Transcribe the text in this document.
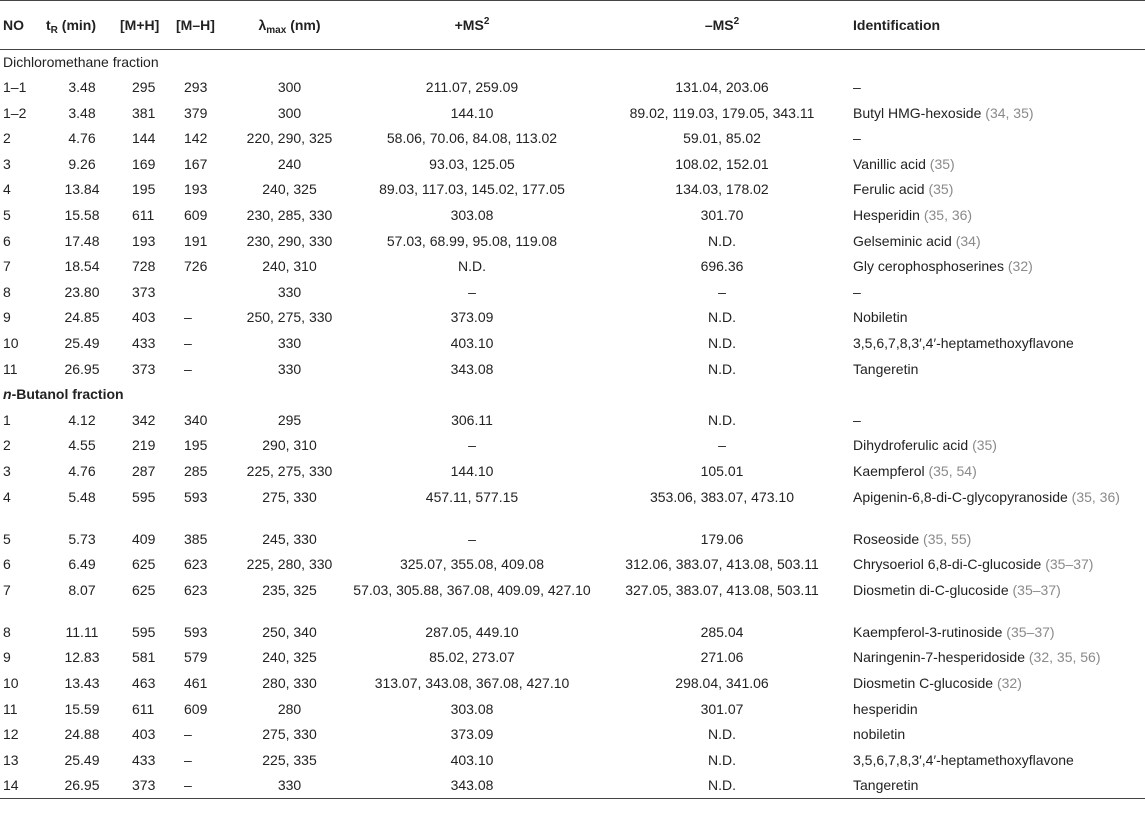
NO	$t_R$ (min)	[M+H]	[M–H]	$\lambda_{max}$ (nm)	$+MS^2$	$-MS^2$	Identification
Dichloromethane fraction							
1–1	3.48	295	293	300	211.07, 259.09	131.04, 203.06	–
1–2	3.48	381	379	300	144.10	89.02, 119.03, 179.05, 343.11	Butyl HMG-hexoside (34, 35)
2	4.76	144	142	220, 290, 325	58.06, 70.06, 84.08, 113.02	59.01, 85.02	–
3	9.26	169	167	240	93.03, 125.05	108.02, 152.01	Vanillic acid (35)
4	13.84	195	193	240, 325	89.03, 117.03, 145.02, 177.05	134.03, 178.02	Ferulic acid (35)
5	15.58	611	609	230, 285, 330	303.08	301.70	Hesperidin (35, 36)
6	17.48	193	191	230, 290, 330	57.03, 68.99, 95.08, 119.08	N.D.	Gelseminic acid (34)
7	18.54	728	726	240, 310	N.D.	696.36	Gly cerophosphoserines (32)
8	23.80	373		330	–	–	–
9	24.85	403	–	250, 275, 330	373.09	N.D.	Nobiletin
10	25.49	433	–	330	403.10	N.D.	3,5,6,7,8,3′,4′-heptamethoxyflavone
11	26.95	373	–	330	343.08	N.D.	Tangeretin
n-Butanol fraction							
1	4.12	342	340	295	306.11	N.D.	–
2	4.55	219	195	290, 310	–	–	Dihydroferulic acid (35)
3	4.76	287	285	225, 275, 330	144.10	105.01	Kaempferol (35, 54)
4	5.48	595	593	275, 330	457.11, 577.15	353.06, 383.07, 473.10	Apigenin-6,8-di-C-glycopyranoside (35, 36)
5	5.73	409	385	245, 330	–	179.06	Roseoside (35, 55)
6	6.49	625	623	225, 280, 330	325.07, 355.08, 409.08	312.06, 383.07, 413.08, 503.11	Chrysoeriol 6,8-di-C-glucoside (35–37)
7	8.07	625	623	235, 325	57.03, 305.88, 367.08, 409.09, 427.10	327.05, 383.07, 413.08, 503.11	Diosmetin di-C-glucoside (35–37)
8	11.11	595	593	250, 340	287.05, 449.10	285.04	Kaempferol-3-rutinoside (35–37)
9	12.83	581	579	240, 325	85.02, 273.07	271.06	Naringenin-7-hesperidoside (32, 35, 56)
10	13.43	463	461	280, 330	313.07, 343.08, 367.08, 427.10	298.04, 341.06	Diosmetin C-glucoside (32)
11	15.59	611	609	280	303.08	301.07	hesperidin
12	24.88	403	–	275, 330	373.09	N.D.	nobiletin
13	25.49	433	–	225, 335	403.10	N.D.	3,5,6,7,8,3′,4′-heptamethoxyflavone
14	26.95	373	–	330	343.08	N.D.	Tangeretin
